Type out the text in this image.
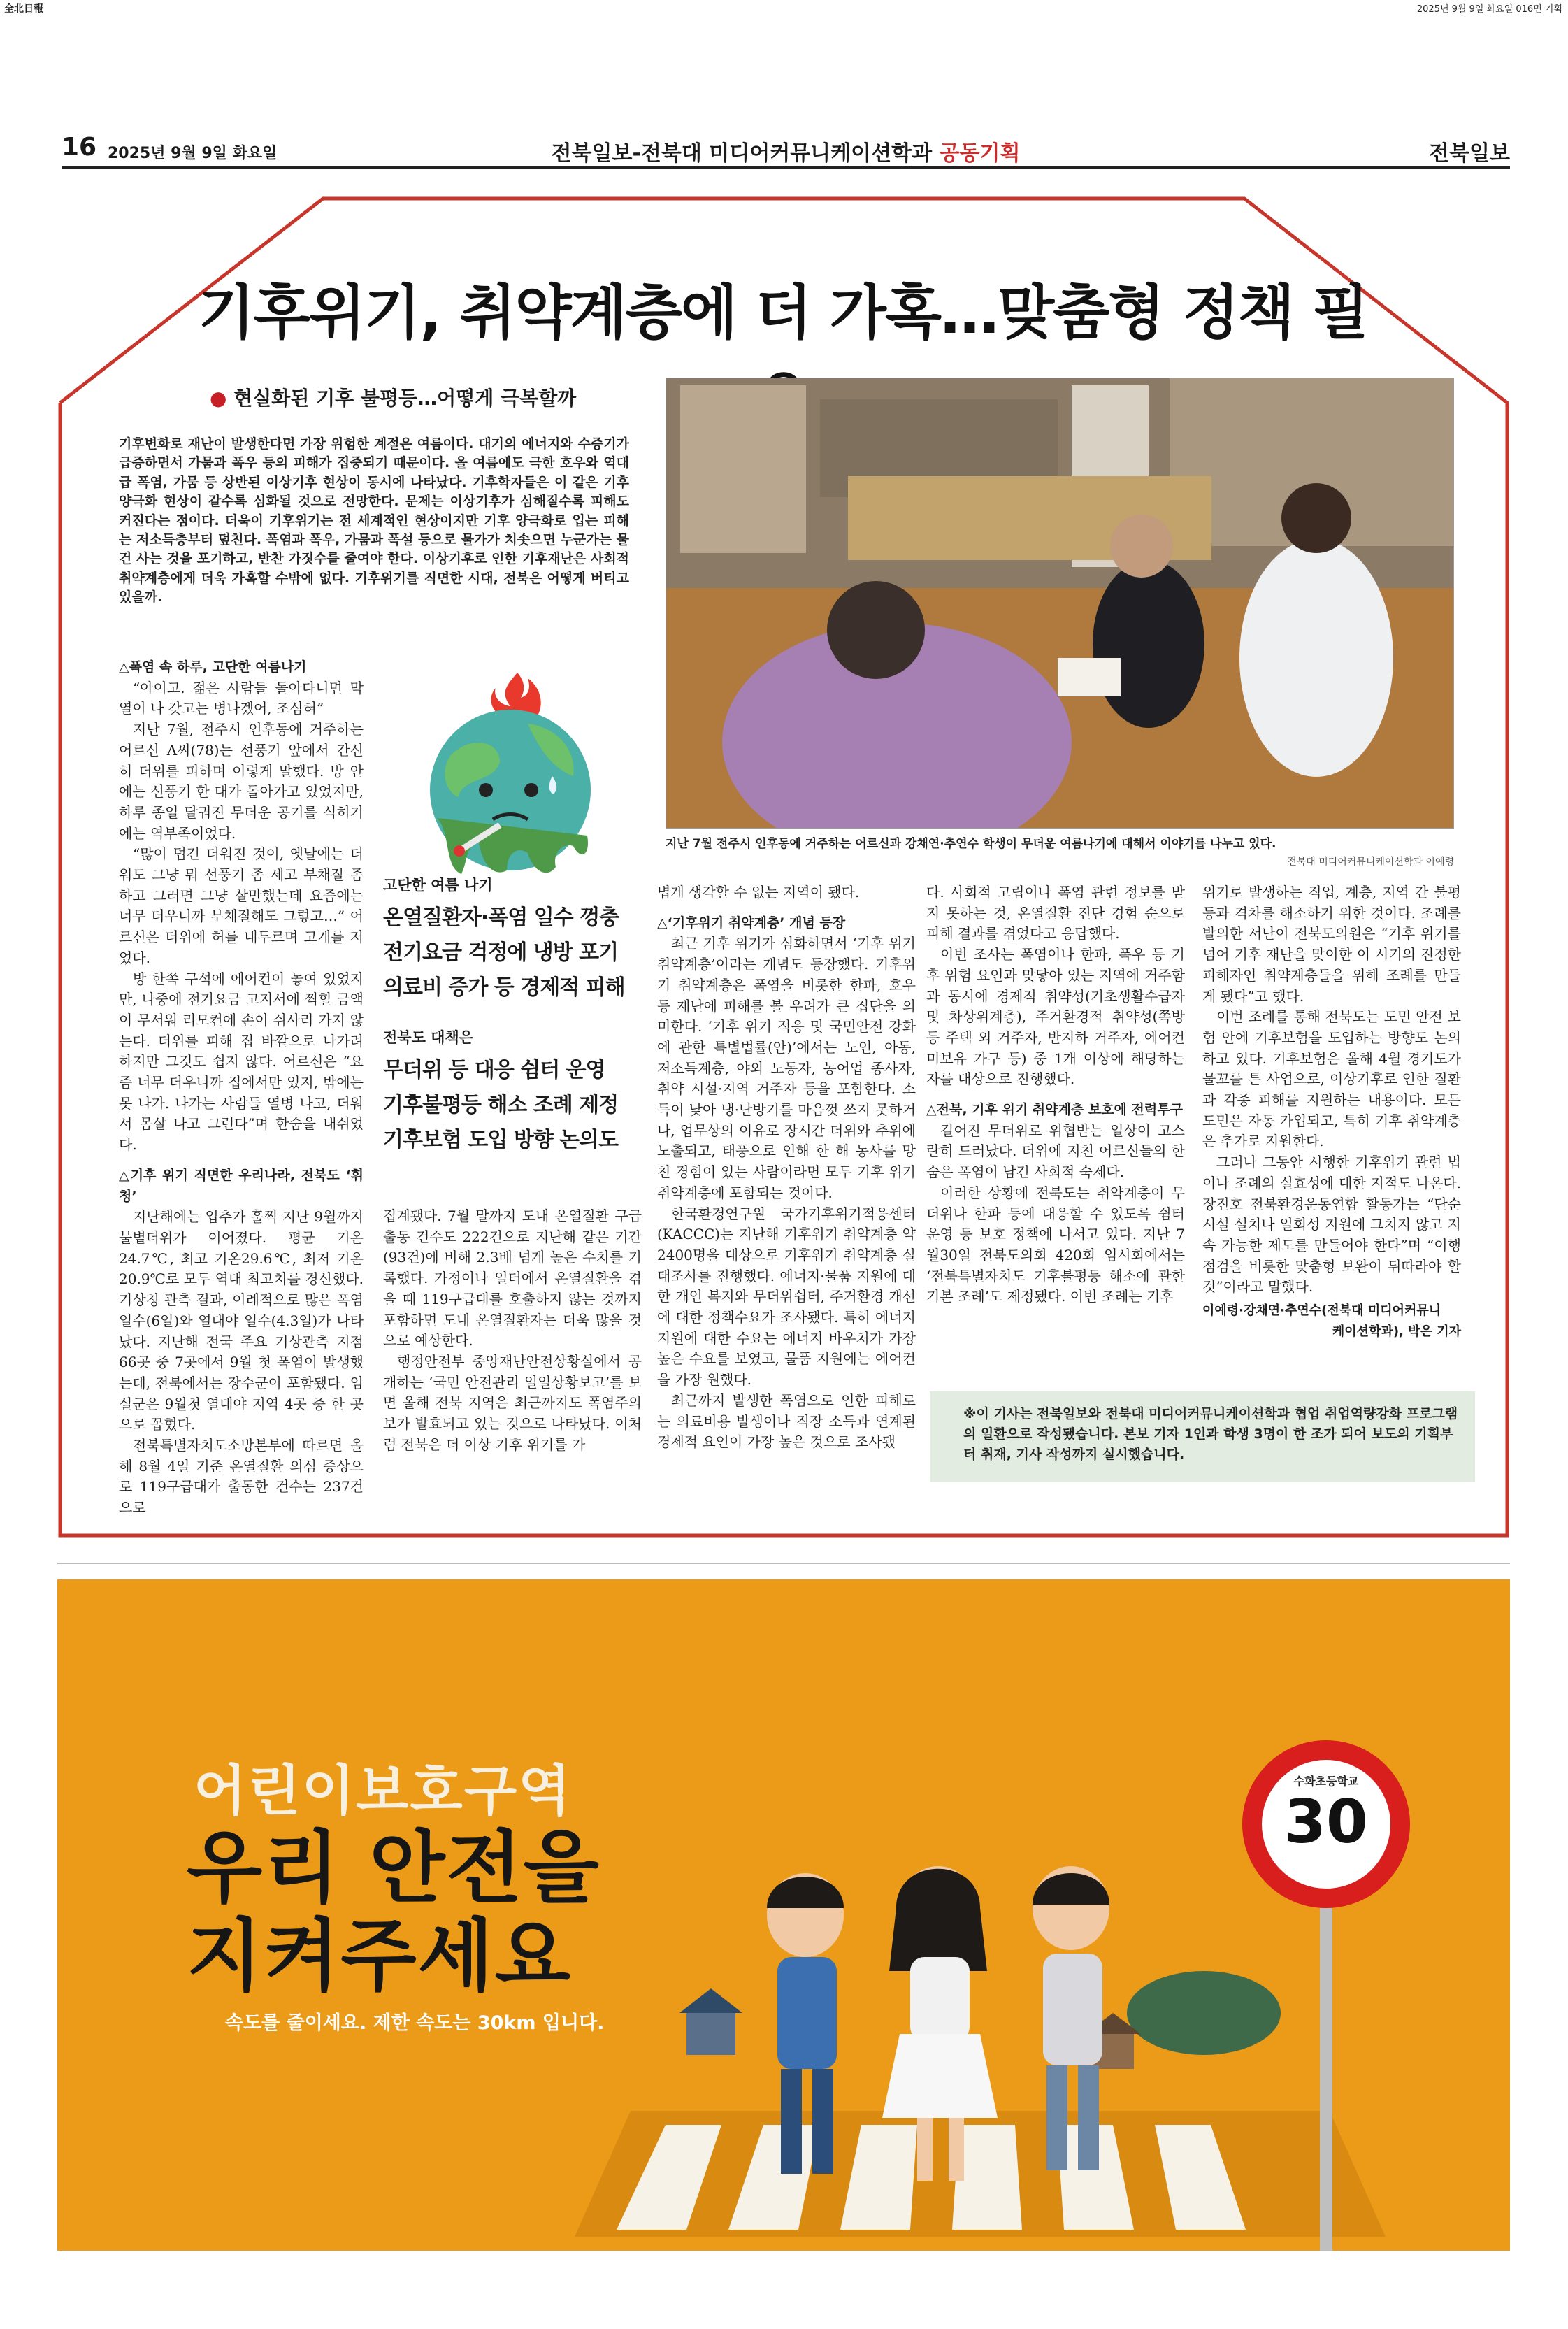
全北日報	2025년 9월 9일 화요일 016면 기획
16 2025년 9월 9일 화요일	전북일보-전북대 미디어커뮤니케이션학과 공동기획	전북일보
기후위기, 취약계층에 더 가혹…맞춤형 정책 필
● 현실화된 기후 불평등…어떻게 극복할까
기후변화로 재난이 발생한다면 가장 위험한 계절은 여름이다. 대기의 에너지와 수증기가 급증하면서 가뭄과 폭우 등의 피해가 집중되기 때문이다. 올 여름에도 극한 호우와 역대급 폭염, 가뭄 등 상반된 이상기후 현상이 동시에 나타났다. 기후학자들은 이 같은 기후 양극화 현상이 갈수록 심화될 것으로 전망한다. 문제는 이상기후가 심해질수록 피해도 커진다는 점이다. 더욱이 기후위기는 전 세계적인 현상이지만 기후 양극화로 입는 피해는 저소득층부터 덮친다. 폭염과 폭우, 가뭄과 폭설 등으로 물가가 치솟으면 누군가는 물건 사는 것을 포기하고, 반찬 가짓수를 줄여야 한다. 이상기후로 인한 기후재난은 사회적 취약계층에게 더욱 가혹할 수밖에 없다. 기후위기를 직면한 시대, 전북은 어떻게 버티고 있을까.
지난 7월 전주시 인후동에 거주하는 어르신과 강채연·추연수 학생이 무더운 여름나기에 대해서 이야기를 나누고 있다.
전북대 미디어커뮤니케이션학과 이예령

△폭염 속 하루, 고단한 여름나기

“아이고. 젊은 사람들 돌아다니면 막 열이 나 갖고는 병나겠어, 조심혀”

지난 7월, 전주시 인후동에 거주하는 어르신 A씨(78)는 선풍기 앞에서 간신히 더위를 피하며 이렇게 말했다. 방 안에는 선풍기 한 대가 돌아가고 있었지만, 하루 종일 달궈진 무더운 공기를 식히기에는 역부족이었다.

“많이 덥긴 더워진 것이, 옛날에는 더워도 그냥 뭐 선풍기 좀 세고 부채질 좀 하고 그러면 그냥 살만했는데 요즘에는 너무 더우니까 부채질해도 그렇고…” 어르신은 더위에 허를 내두르며 고개를 저었다.

방 한쪽 구석에 에어컨이 놓여 있었지만, 나중에 전기요금 고지서에 찍힐 금액이 무서워 리모컨에 손이 쉬사리 가지 않는다. 더위를 피해 집 바깥으로 나가려 하지만 그것도 쉽지 않다. 어르신은 “요즘 너무 더우니까 집에서만 있지, 밖에는 못 나가. 나가는 사람들 열병 나고, 더워서 몸살 나고 그런다”며 한숨을 내쉬었다.

△기후 위기 직면한 우리나라, 전북도 ‘휘청’

지난해에는 입추가 훌쩍 지난 9월까지 불볕더위가 이어졌다. 평균 기온 24.7℃, 최고 기온29.6℃, 최저 기온 20.9℃로 모두 역대 최고치를 경신했다. 기상청 관측 결과, 이례적으로 많은 폭염 일수(6일)와 열대야 일수(4.3일)가 나타났다. 지난해 전국 주요 기상관측 지점 66곳 중 7곳에서 9월 첫 폭염이 발생했는데, 전북에서는 장수군이 포함됐다. 임실군은 9월첫 열대야 지역 4곳 중 한 곳으로 꼽혔다.

전북특별자치도소방본부에 따르면 올해 8월 4일 기준 온열질환 의심 증상으로 119구급대가 출동한 건수는 237건으로

고단한 여름 나기
온열질환자·폭염 일수 껑충
전기요금 걱정에 냉방 포기
의료비 증가 등 경제적 피해
전북도 대책은
무더위 등 대응 쉼터 운영
기후불평등 해소 조례 제정
기후보험 도입 방향 논의도

집계됐다. 7월 말까지 도내 온열질환 구급 출동 건수도 222건으로 지난해 같은 기간(93건)에 비해 2.3배 넘게 높은 수치를 기록했다. 가정이나 일터에서 온열질환을 겪을 때 119구급대를 호출하지 않는 것까지 포함하면 도내 온열질환자는 더욱 많을 것으로 예상한다.

행정안전부 중앙재난안전상황실에서 공개하는 ‘국민 안전관리 일일상황보고’를 보면 올해 전북 지역은 최근까지도 폭염주의보가 발효되고 있는 것으로 나타났다. 이처럼 전북은 더 이상 기후 위기를 가

볍게 생각할 수 없는 지역이 됐다.

△‘기후위기 취약계층’ 개념 등장

최근 기후 위기가 심화하면서 ‘기후 위기 취약계층’이라는 개념도 등장했다. 기후위기 취약계층은 폭염을 비롯한 한파, 호우 등 재난에 피해를 볼 우려가 큰 집단을 의미한다. ‘기후 위기 적응 및 국민안전 강화에 관한 특별법률(안)’에서는 노인, 아동, 저소득계층, 야외 노동자, 농어업 종사자, 취약 시설·지역 거주자 등을 포함한다. 소득이 낮아 냉·난방기를 마음껏 쓰지 못하거나, 업무상의 이유로 장시간 더위와 추위에 노출되고, 태풍으로 인해 한 해 농사를 망친 경험이 있는 사람이라면 모두 기후 위기 취약계층에 포함되는 것이다.

한국환경연구원 국가기후위기적응센터(KACCC)는 지난해 기후위기 취약계층 약 2400명을 대상으로 기후위기 취약계층 실태조사를 진행했다. 에너지·물품 지원에 대한 개인 복지와 무더위쉼터, 주거환경 개선에 대한 정책수요가 조사됐다. 특히 에너지 지원에 대한 수요는 에너지 바우처가 가장 높은 수요를 보였고, 물품 지원에는 에어컨을 가장 원했다.

최근까지 발생한 폭염으로 인한 피해로는 의료비용 발생이나 직장 소득과 연계된 경제적 요인이 가장 높은 것으로 조사됐

다. 사회적 고립이나 폭염 관련 정보를 받지 못하는 것, 온열질환 진단 경험 순으로 피해 결과를 겪었다고 응답했다.

이번 조사는 폭염이나 한파, 폭우 등 기후 위험 요인과 맞닿아 있는 지역에 거주함과 동시에 경제적 취약성(기초생활수급자 및 차상위계층), 주거환경적 취약성(쪽방 등 주택 외 거주자, 반지하 거주자, 에어컨 미보유 가구 등) 중 1개 이상에 해당하는 자를 대상으로 진행했다.

△전북, 기후 위기 취약계층 보호에 전력투구

길어진 무더위로 위협받는 일상이 고스란히 드러났다. 더위에 지친 어르신들의 한숨은 폭염이 남긴 사회적 숙제다.

이러한 상황에 전북도는 취약계층이 무더위나 한파 등에 대응할 수 있도록 쉼터 운영 등 보호 정책에 나서고 있다. 지난 7월30일 전북도의회 420회 임시회에서는 ‘전북특별자치도 기후불평등 해소에 관한 기본 조례’도 제정됐다. 이번 조례는 기후

위기로 발생하는 직업, 계층, 지역 간 불평등과 격차를 해소하기 위한 것이다. 조례를 발의한 서난이 전북도의원은 “기후 위기를 넘어 기후 재난을 맞이한 이 시기의 진정한 피해자인 취약계층들을 위해 조례를 만들게 됐다”고 했다.

이번 조례를 통해 전북도는 도민 안전 보험 안에 기후보험을 도입하는 방향도 논의하고 있다. 기후보험은 올해 4월 경기도가 물꼬를 튼 사업으로, 이상기후로 인한 질환과 각종 피해를 지원하는 내용이다. 모든 도민은 자동 가입되고, 특히 기후 취약계층은 추가로 지원한다.

그러나 그동안 시행한 기후위기 관련 법이나 조례의 실효성에 대한 지적도 나온다. 장진호 전북환경운동연합 활동가는 “단순 시설 설치나 일회성 지원에 그치지 않고 지속 가능한 제도를 만들어야 한다”며 “이행 점검을 비롯한 맞춤형 보완이 뒤따라야 할 것”이라고 말했다.

이예령·강채연·추연수(전북대 미디어커뮤니

케이션학과), 박은 기자

※이 기사는 전북일보와 전북대 미디어커뮤니케이션학과 협업 취업역량강화 프로그램의 일환으로 작성됐습니다. 본보 기자 1인과 학생 3명이 한 조가 되어 보도의 기획부터 취재, 기사 작성까지 실시했습니다.
어린이보호구역
우리 안전을
지켜주세요
속도를 줄이세요. 제한 속도는 30km 입니다.
수화초등학교
30
